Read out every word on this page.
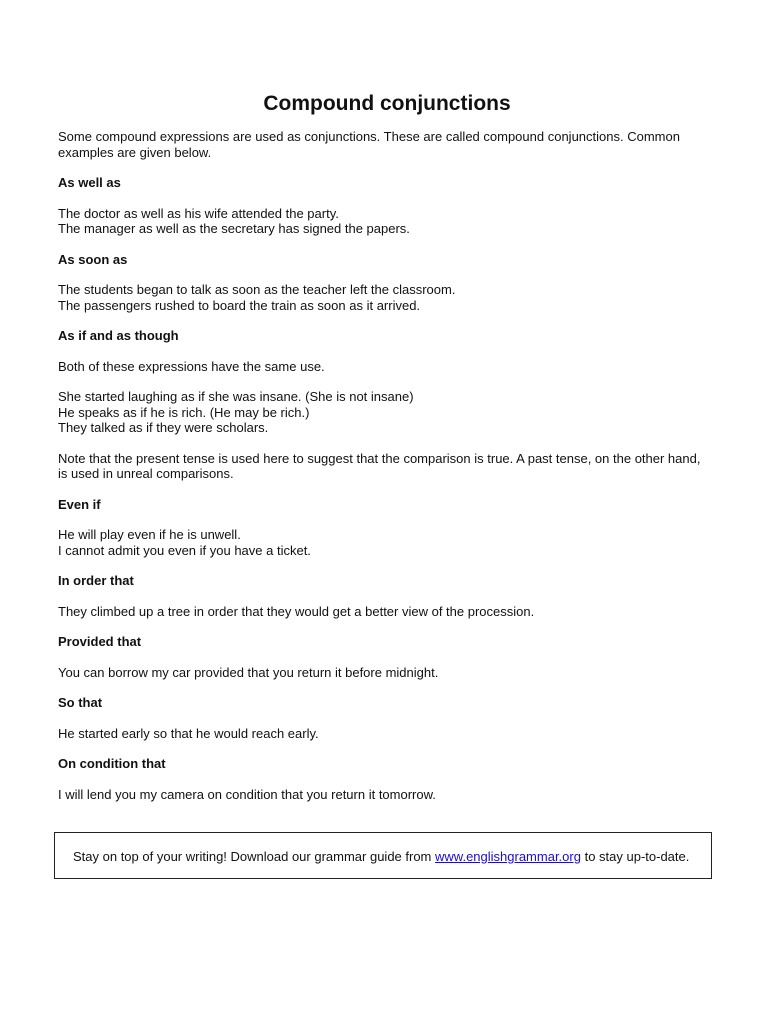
Compound conjunctions

Some compound expressions are used as conjunctions. These are called compound conjunctions. Common examples are given below.

As well as

The doctor as well as his wife attended the party.
The manager as well as the secretary has signed the papers.

As soon as

The students began to talk as soon as the teacher left the classroom.
The passengers rushed to board the train as soon as it arrived.

As if and as though

Both of these expressions have the same use.

She started laughing as if she was insane. (She is not insane)
He speaks as if he is rich. (He may be rich.)
They talked as if they were scholars.

Note that the present tense is used here to suggest that the comparison is true. A past tense, on the other hand, is used in unreal comparisons.

Even if

He will play even if he is unwell.
I cannot admit you even if you have a ticket.

In order that

They climbed up a tree in order that they would get a better view of the procession.

Provided that

You can borrow my car provided that you return it before midnight.

So that

He started early so that he would reach early.

On condition that

I will lend you my camera on condition that you return it tomorrow.

Stay on top of your writing! Download our grammar guide from www.englishgrammar.org to stay up-to-date.
